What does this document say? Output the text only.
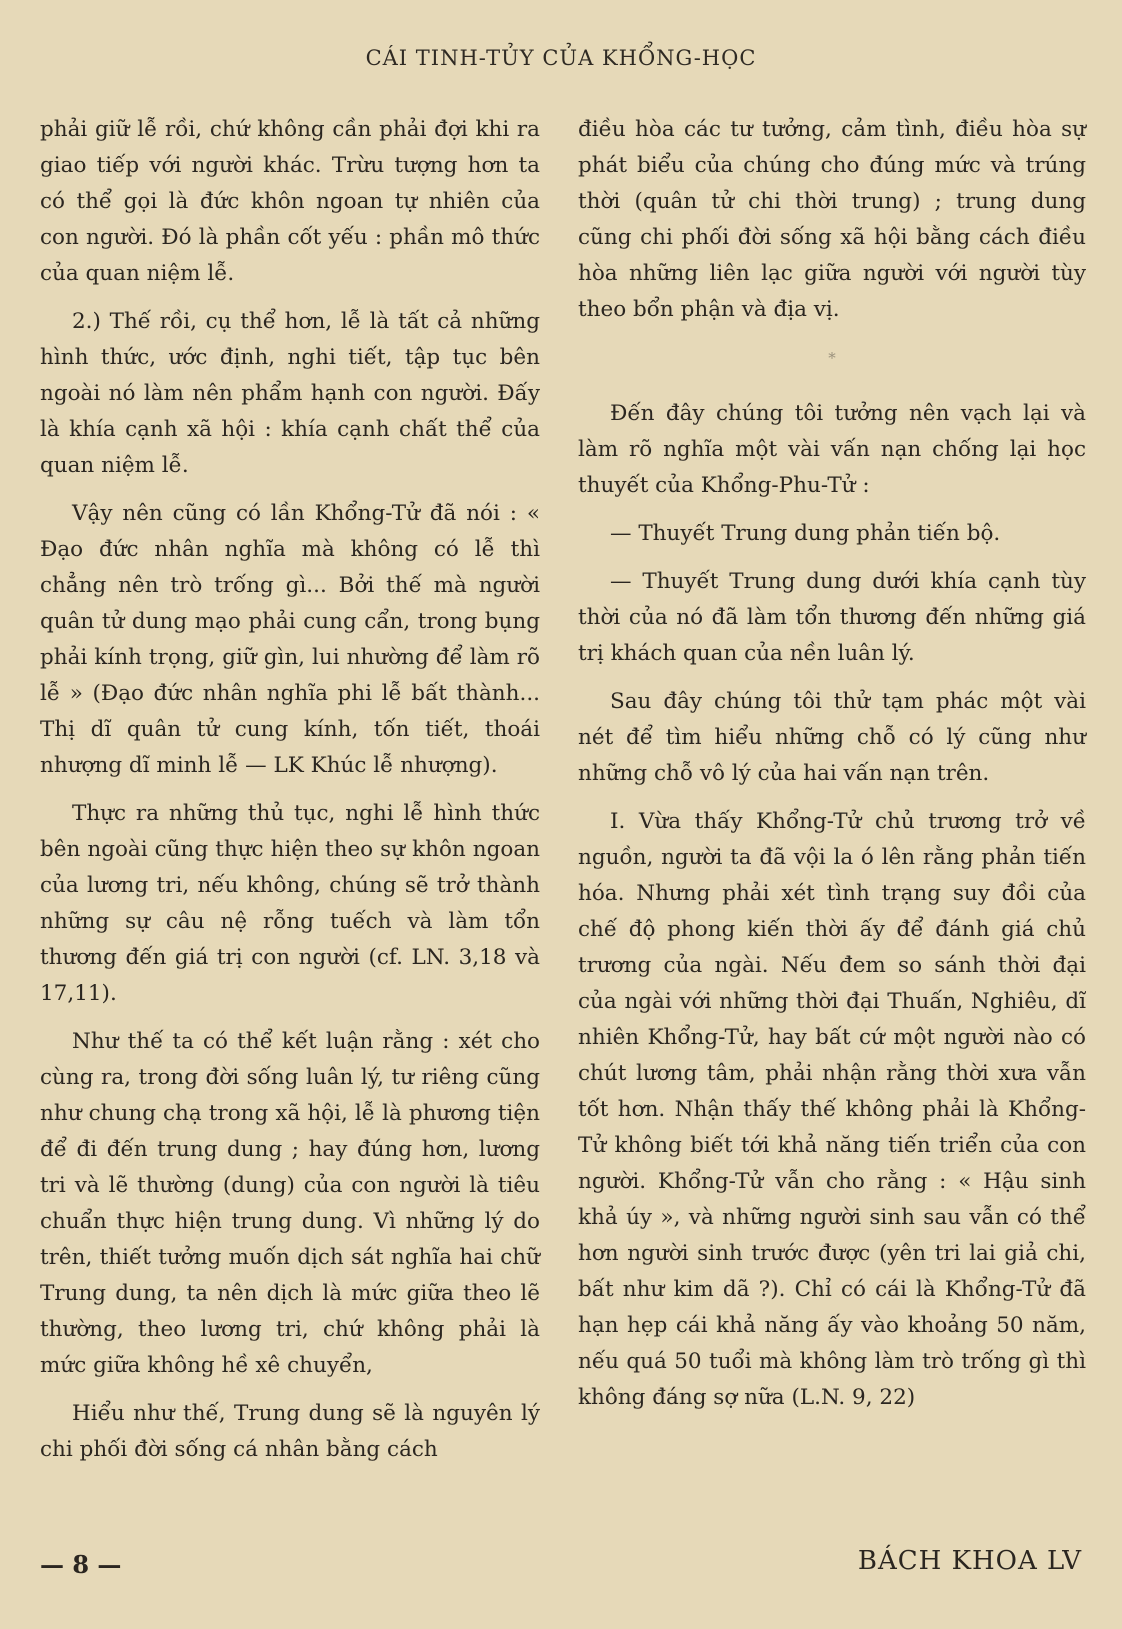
CÁI TINH-TỦY CỦA KHỔNG-HỌC

phải giữ lễ rồi, chứ không cần phải đợi khi ra giao tiếp với người khác. Trừu tượng hơn ta có thể gọi là đức khôn ngoan tự nhiên của con người. Đó là phần cốt yếu : phần mô thức của quan niệm lễ.

2.) Thế rồi, cụ thể hơn, lễ là tất cả những hình thức, ước định, nghi tiết, tập tục bên ngoài nó làm nên phẩm hạnh con người. Đấy là khía cạnh xã hội : khía cạnh chất thể của quan niệm lễ.

Vậy nên cũng có lần Khổng-Tử đã nói : « Đạo đức nhân nghĩa mà không có lễ thì chẳng nên trò trống gì... Bởi thế mà người quân tử dung mạo phải cung cẩn, trong bụng phải kính trọng, giữ gìn, lui nhường để làm rõ lễ » (Đạo đức nhân nghĩa phi lễ bất thành... Thị dĩ quân tử cung kính, tốn tiết, thoái nhượng dĩ minh lễ — LK Khúc lễ nhượng).

Thực ra những thủ tục, nghi lễ hình thức bên ngoài cũng thực hiện theo sự khôn ngoan của lương tri, nếu không, chúng sẽ trở thành những sự câu nệ rỗng tuếch và làm tổn thương đến giá trị con người (cf. LN. 3,18 và 17,11).

Như thế ta có thể kết luận rằng : xét cho cùng ra, trong đời sống luân lý, tư riêng cũng như chung chạ trong xã hội, lễ là phương tiện để đi đến trung dung ; hay đúng hơn, lương tri và lẽ thường (dung) của con người là tiêu chuẩn thực hiện trung dung. Vì những lý do trên, thiết tưởng muốn dịch sát nghĩa hai chữ Trung dung, ta nên dịch là mức giữa theo lẽ thường, theo lương tri, chứ không phải là mức giữa không hề xê chuyển,

Hiểu như thế, Trung dung sẽ là nguyên lý chi phối đời sống cá nhân bằng cách

điều hòa các tư tưởng, cảm tình, điều hòa sự phát biểu của chúng cho đúng mức và trúng thời (quân tử chi thời trung) ; trung dung cũng chi phối đời sống xã hội bằng cách điều hòa những liên lạc giữa người với người tùy theo bổn phận và địa vị.

*

Đến đây chúng tôi tưởng nên vạch lại và làm rõ nghĩa một vài vấn nạn chống lại học thuyết của Khổng-Phu-Tử :

— Thuyết Trung dung phản tiến bộ.

— Thuyết Trung dung dưới khía cạnh tùy thời của nó đã làm tổn thương đến những giá trị khách quan của nền luân lý.

Sau đây chúng tôi thử tạm phác một vài nét để tìm hiểu những chỗ có lý cũng như những chỗ vô lý của hai vấn nạn trên.

I. Vừa thấy Khổng-Tử chủ trương trở về nguồn, người ta đã vội la ó lên rằng phản tiến hóa. Nhưng phải xét tình trạng suy đồi của chế độ phong kiến thời ấy để đánh giá chủ trương của ngài. Nếu đem so sánh thời đại của ngài với những thời đại Thuấn, Nghiêu, dĩ nhiên Khổng-Tử, hay bất cứ một người nào có chút lương tâm, phải nhận rằng thời xưa vẫn tốt hơn. Nhận thấy thế không phải là Khổng-Tử không biết tới khả năng tiến triển của con người. Khổng-Tử vẫn cho rằng : « Hậu sinh khả úy », và những người sinh sau vẫn có thể hơn người sinh trước được (yên tri lai giả chi, bất như kim dã ?). Chỉ có cái là Khổng-Tử đã hạn hẹp cái khả năng ấy vào khoảng 50 năm, nếu quá 50 tuổi mà không làm trò trống gì thì không đáng sợ nữa (L.N. 9, 22)

— 8 —	BÁCH KHOA LV
